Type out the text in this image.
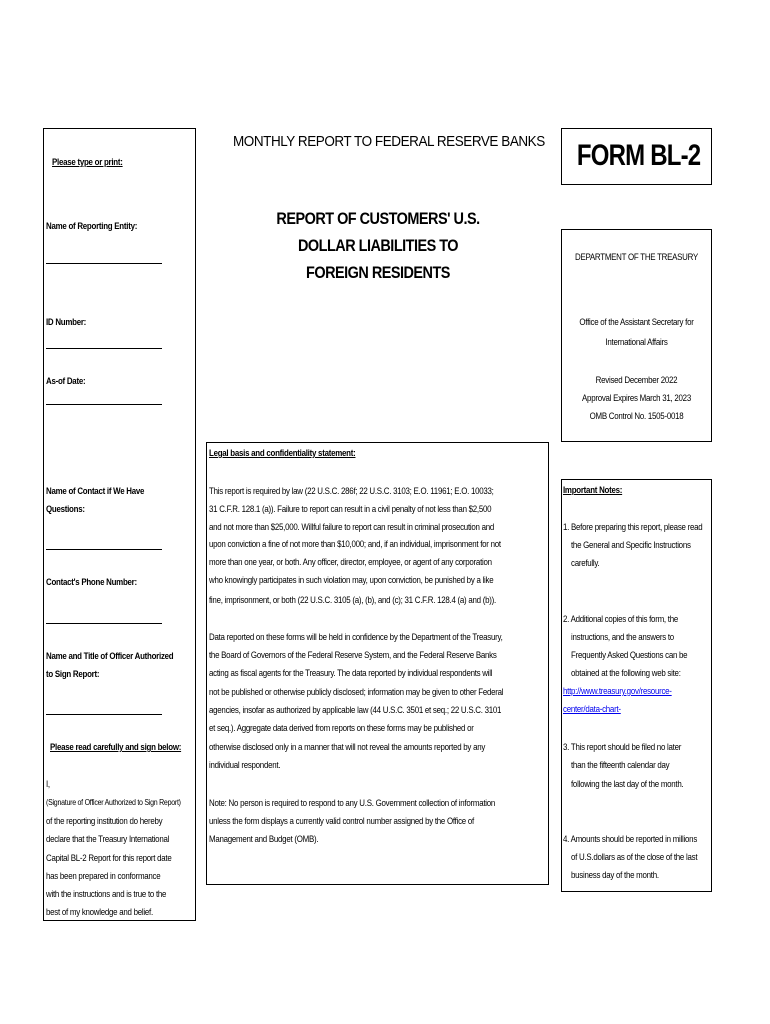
Please type or print:
Name of Reporting Entity:
ID Number:
As-of Date:
Name of Contact if We Have
Questions:
Contact's Phone Number:
Name and Title of Officer Authorized
to Sign Report:
Please read carefully and sign below:
I,
(Signature of Officer Authorized to Sign Report)
of the reporting institution do hereby
declare that the Treasury International
Capital BL-2 Report for this report date
has been prepared in conformance
with the instructions and is true to the
best of my knowledge and belief.
MONTHLY REPORT TO FEDERAL RESERVE BANKS
REPORT OF CUSTOMERS' U.S.
DOLLAR LIABILITIES TO
FOREIGN RESIDENTS
FORM BL-2
DEPARTMENT OF THE TREASURY
Office of the Assistant Secretary for
International Affairs
Revised December 2022
Approval Expires March 31, 2023
OMB Control No. 1505-0018
Legal basis and confidentiality statement:
This report is required by law (22 U.S.C. 286f; 22 U.S.C. 3103; E.O. 11961; E.O. 10033;
31 C.F.R. 128.1 (a)). Failure to report can result in a civil penalty of not less than $2,500
and not more than $25,000. Willful failure to report can result in criminal prosecution and
upon conviction a fine of not more than $10,000; and, if an individual, imprisonment for not
more than one year, or both. Any officer, director, employee, or agent of any corporation
who knowingly participates in such violation may, upon conviction, be punished by a like
fine, imprisonment, or both (22 U.S.C. 3105 (a), (b), and (c); 31 C.F.R. 128.4 (a) and (b)).
Data reported on these forms will be held in confidence by the Department of the Treasury,
the Board of Governors of the Federal Reserve System, and the Federal Reserve Banks
acting as fiscal agents for the Treasury. The data reported by individual respondents will
not be published or otherwise publicly disclosed; information may be given to other Federal
agencies, insofar as authorized by applicable law (44 U.S.C. 3501 et seq.; 22 U.S.C. 3101
et seq.). Aggregate data derived from reports on these forms may be published or
otherwise disclosed only in a manner that will not reveal the amounts reported by any
individual respondent.
Note: No person is required to respond to any U.S. Government collection of information
unless the form displays a currently valid control number assigned by the Office of
Management and Budget (OMB).
Important Notes:
1. Before preparing this report, please read
the General and Specific Instructions
carefully.
2. Additional copies of this form, the
instructions, and the answers to
Frequently Asked Questions can be
obtained at the following web site:
http://www.treasury.gov/resource-
center/data-chart-
3. This report should be filed no later
than the fifteenth calendar day
following the last day of the month.
4. Amounts should be reported in millions
of U.S.dollars as of the close of the last
business day of the month.
